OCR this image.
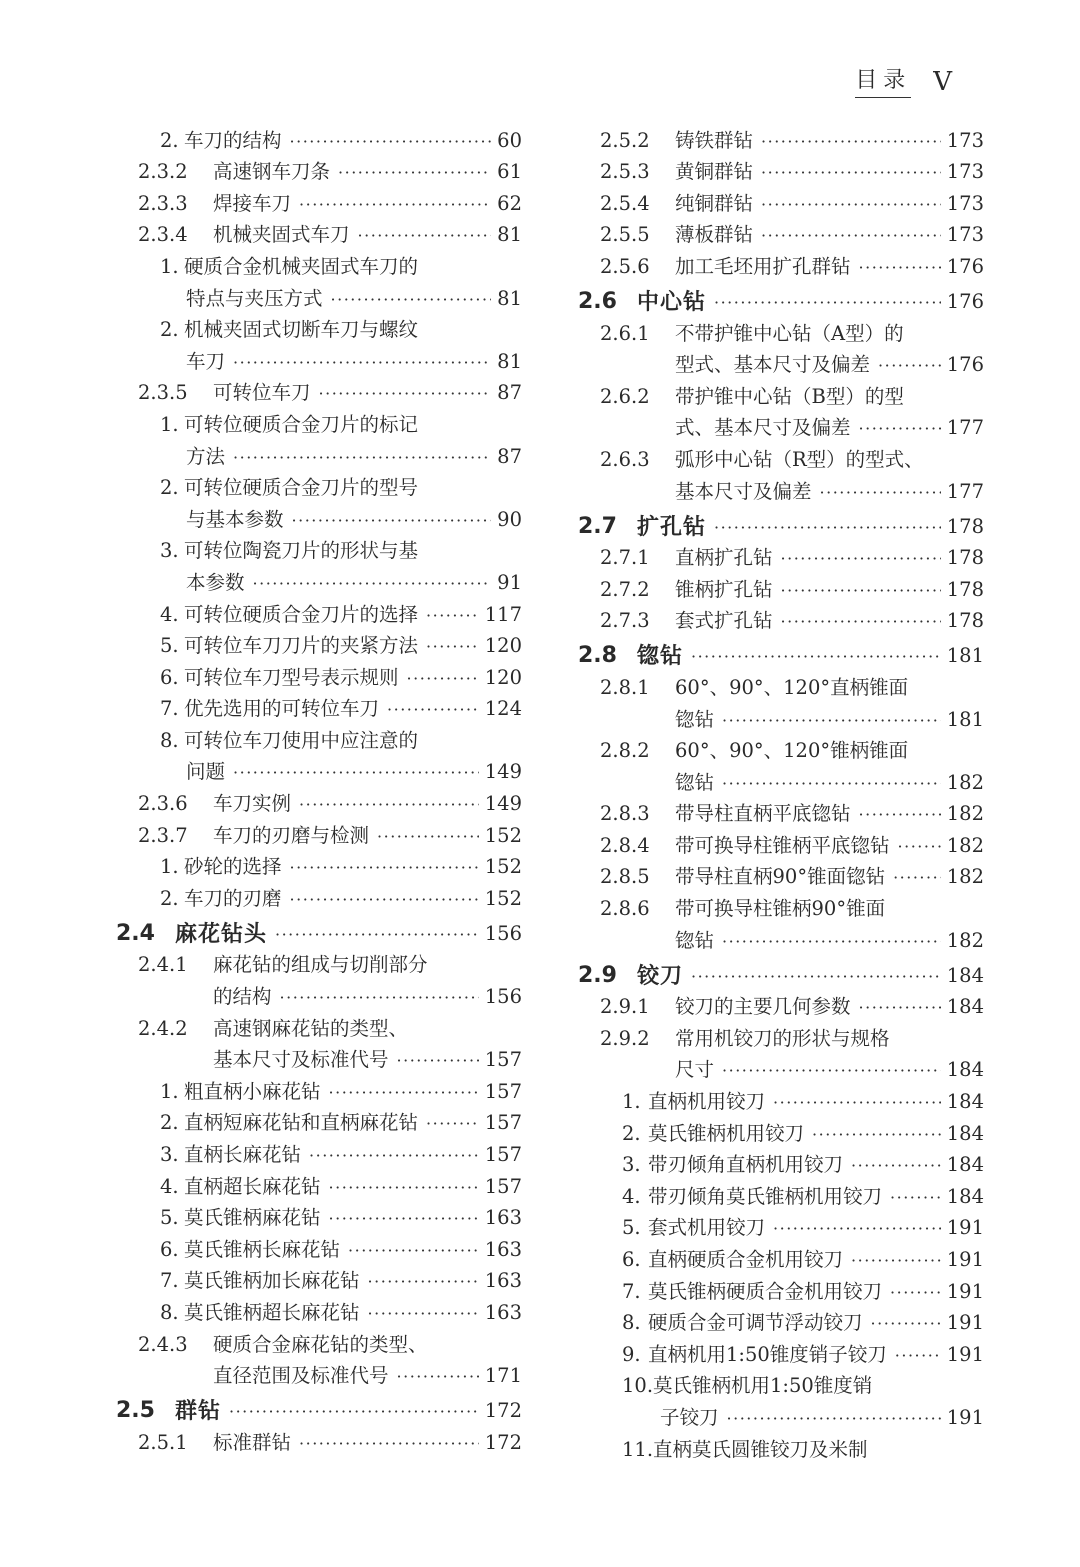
目录 V
2. 车刀的结构 ·····	60
2.3.2	高速钢车刀条 ·····	61
2.3.3	焊接车刀 ·····	62
2.3.4	机械夹固式车刀 ·····	81
1. 硬质合金机械夹固式车刀的
特点与夹压方式 ·····	81
2. 机械夹固式切断车刀与螺纹
车刀 ·····	81
2.3.5	可转位车刀 ·····	87
1. 可转位硬质合金刀片的标记
方法 ·····	87
2. 可转位硬质合金刀片的型号
与基本参数 ·····	90
3. 可转位陶瓷刀片的形状与基
本参数 ·····	91
4. 可转位硬质合金刀片的选择 ·····	117
5. 可转位车刀刀片的夹紧方法 ·····	120
6. 可转位车刀型号表示规则 ·····	120
7. 优先选用的可转位车刀 ·····	124
8. 可转位车刀使用中应注意的
问题 ·····	149
2.3.6	车刀实例 ·····	149
2.3.7	车刀的刃磨与检测 ·····	152
1. 砂轮的选择 ·····	152
2. 车刀的刃磨 ·····	152
2.4 麻花钻头 ·····	156
2.4.1	麻花钻的组成与切削部分
的结构 ·····	156
2.4.2	高速钢麻花钻的类型、
基本尺寸及标准代号 ·····	157
1. 粗直柄小麻花钻 ·····	157
2. 直柄短麻花钻和直柄麻花钻 ·····	157
3. 直柄长麻花钻 ·····	157
4. 直柄超长麻花钻 ·····	157
5. 莫氏锥柄麻花钻 ·····	163
6. 莫氏锥柄长麻花钻 ·····	163
7. 莫氏锥柄加长麻花钻 ·····	163
8. 莫氏锥柄超长麻花钻 ·····	163
2.4.3	硬质合金麻花钻的类型、
直径范围及标准代号 ·····	171
2.5 群钻 ·····	172
2.5.1	标准群钻 ·····	172
2.5.2	铸铁群钻 ·····	173
2.5.3	黄铜群钻 ·····	173
2.5.4	纯铜群钻 ·····	173
2.5.5	薄板群钻 ·····	173
2.5.6	加工毛坯用扩孔群钻 ·····	176
2.6 中心钻 ·····	176
2.6.1	不带护锥中心钻（A型）的
型式、基本尺寸及偏差 ·····	176
2.6.2	带护锥中心钻（B型）的型
式、基本尺寸及偏差 ·····	177
2.6.3	弧形中心钻（R型）的型式、
基本尺寸及偏差 ·····	177
2.7 扩孔钻 ·····	178
2.7.1	直柄扩孔钻 ·····	178
2.7.2	锥柄扩孔钻 ·····	178
2.7.3	套式扩孔钻 ·····	178
2.8 锪钻 ·····	181
2.8.1	60°、90°、120°直柄锥面
锪钻 ·····	181
2.8.2	60°、90°、120°锥柄锥面
锪钻 ·····	182
2.8.3	带导柱直柄平底锪钻 ·····	182
2.8.4	带可换导柱锥柄平底锪钻 ·····	182
2.8.5	带导柱直柄90°锥面锪钻 ·····	182
2.8.6	带可换导柱锥柄90°锥面
锪钻 ·····	182
2.9 铰刀 ·····	184
2.9.1	铰刀的主要几何参数 ·····	184
2.9.2	常用机铰刀的形状与规格
尺寸 ·····	184
1. 直柄机用铰刀 ·····	184
2. 莫氏锥柄机用铰刀 ·····	184
3. 带刃倾角直柄机用铰刀 ·····	184
4. 带刃倾角莫氏锥柄机用铰刀 ·····	184
5. 套式机用铰刀 ·····	191
6. 直柄硬质合金机用铰刀 ·····	191
7. 莫氏锥柄硬质合金机用铰刀 ·····	191
8. 硬质合金可调节浮动铰刀 ·····	191
9. 直柄机用1:50锥度销子铰刀 ·····	191
10. 莫氏锥柄机用1:50锥度销
子铰刀 ·····	191
11. 直柄莫氏圆锥铰刀及米制
